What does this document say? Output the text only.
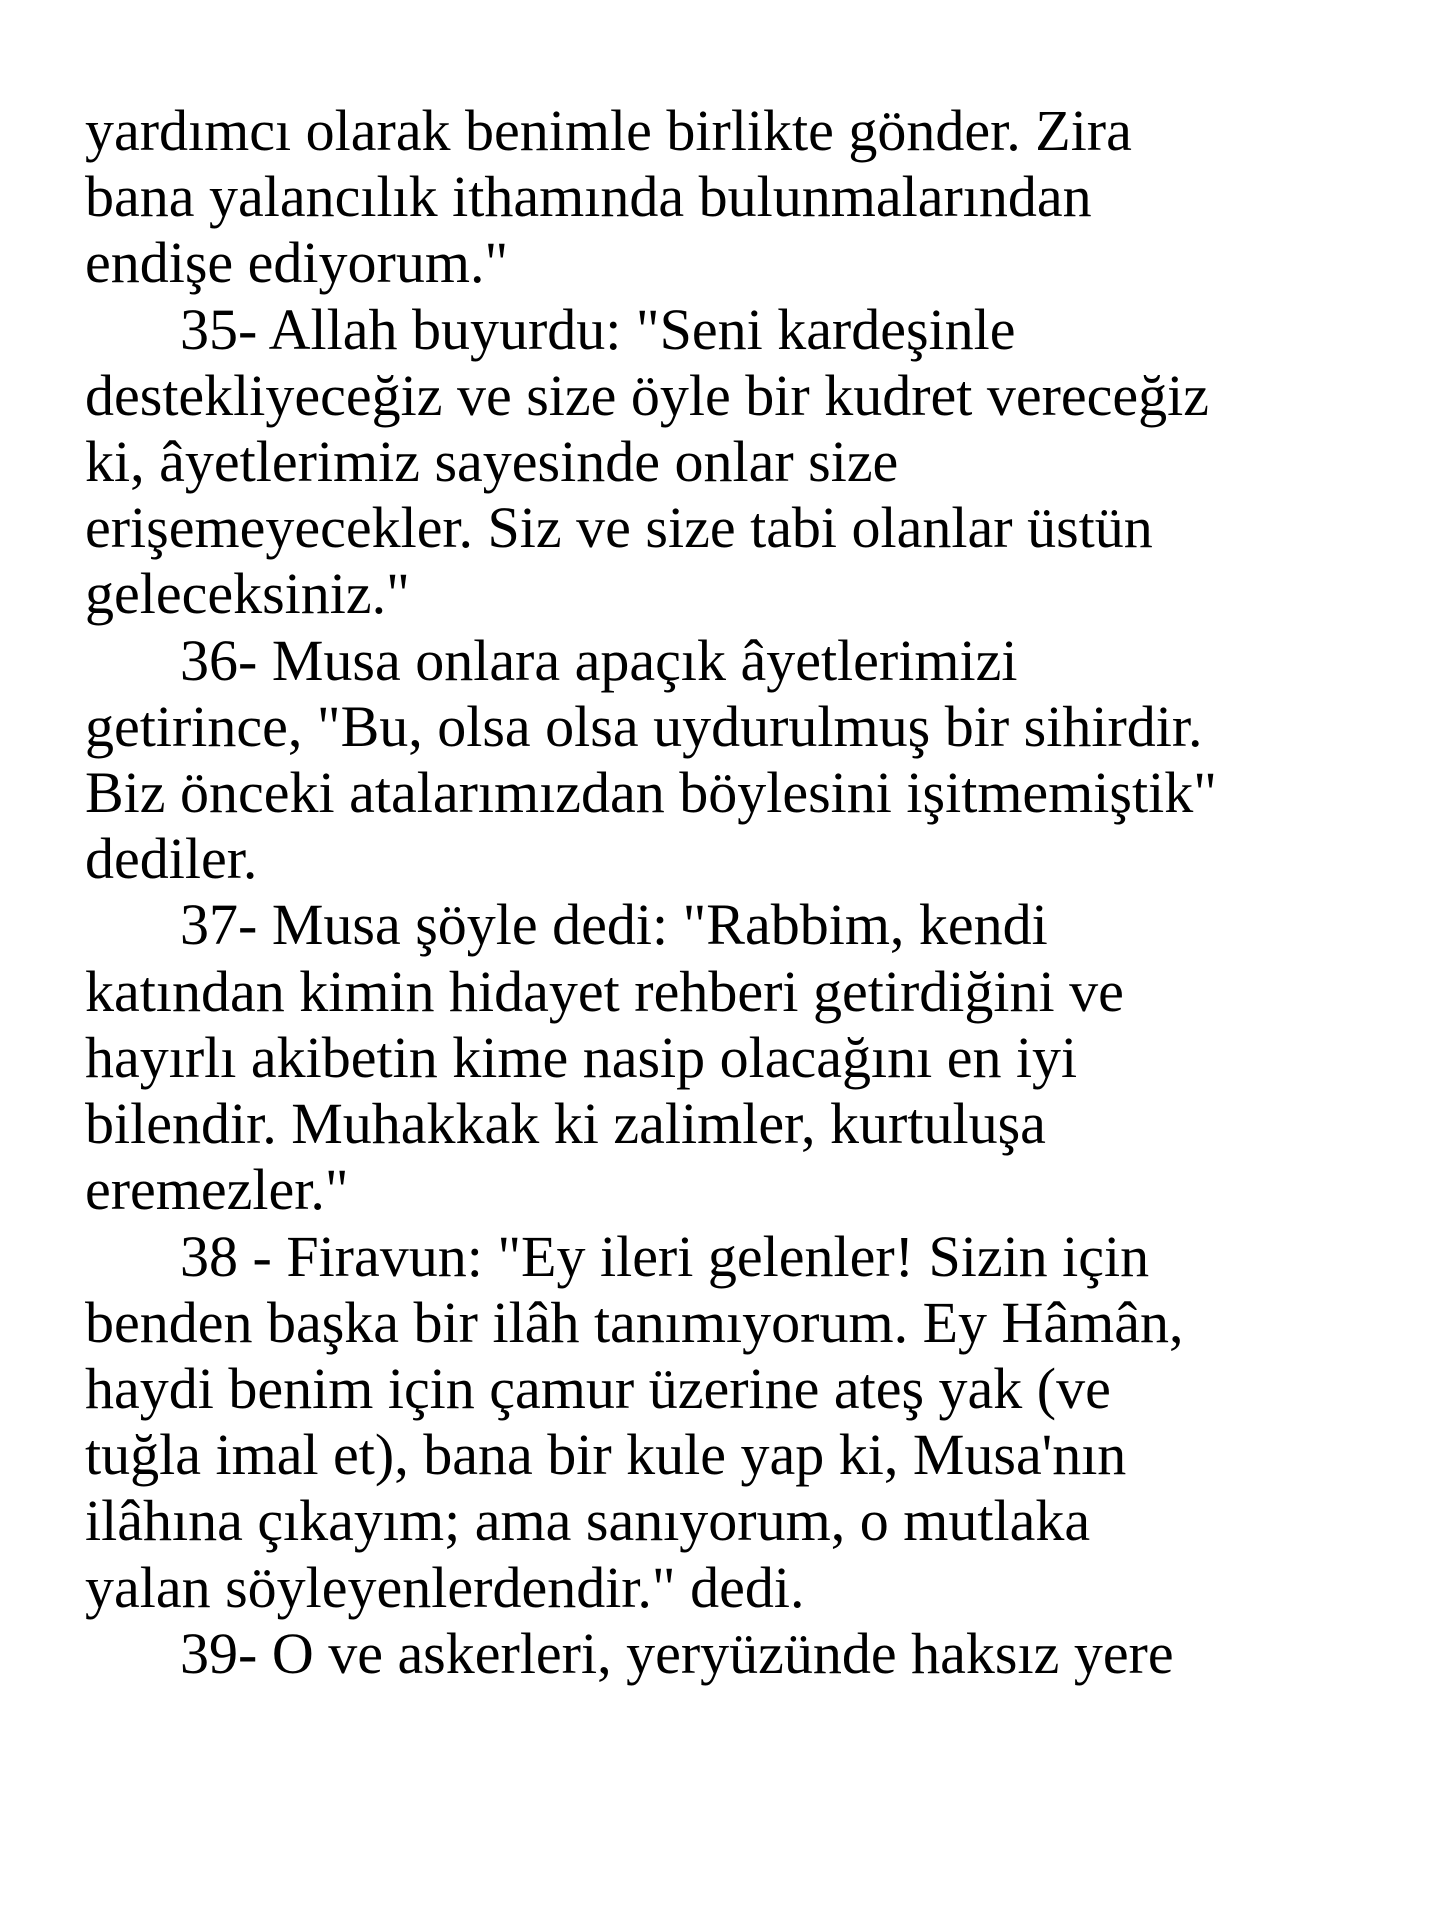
yardımcı olarak benimle birlikte gönder. Zira
bana yalancılık ithamında bulunmalarından
endişe ediyorum."
35- Allah buyurdu: "Seni kardeşinle
destekliyeceğiz ve size öyle bir kudret vereceğiz
ki, âyetlerimiz sayesinde onlar size
erişemeyecekler. Siz ve size tabi olanlar üstün
geleceksiniz."
36- Musa onlara apaçık âyetlerimizi
getirince, "Bu, olsa olsa uydurulmuş bir sihirdir.
Biz önceki atalarımızdan böylesini işitmemiştik"
dediler.
37- Musa şöyle dedi: "Rabbim, kendi
katından kimin hidayet rehberi getirdiğini ve
hayırlı akibetin kime nasip olacağını en iyi
bilendir. Muhakkak ki zalimler, kurtuluşa
eremezler."
38 - Firavun: "Ey ileri gelenler! Sizin için
benden başka bir ilâh tanımıyorum. Ey Hâmân,
haydi benim için çamur üzerine ateş yak (ve
tuğla imal et), bana bir kule yap ki, Musa'nın
ilâhına çıkayım; ama sanıyorum, o mutlaka
yalan söyleyenlerdendir." dedi.
39- O ve askerleri, yeryüzünde haksız yere
